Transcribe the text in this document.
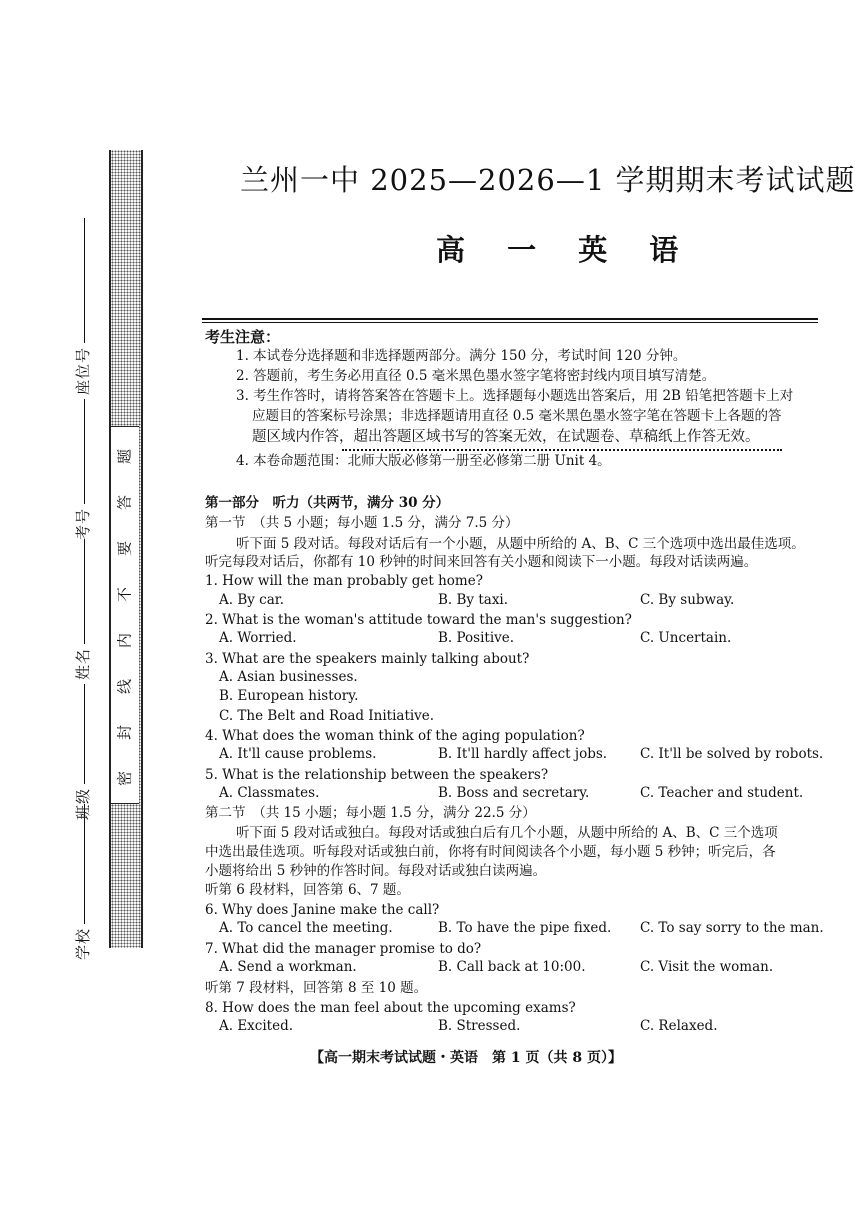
学校
班级
姓名
考号
座位号
题
答
要
不
内
线
封
密
兰州一中 2025—2026—1 学期期末考试试题
高 一 英 语
考生注意：
1. 本试卷分选择题和非选择题两部分。满分 150 分，考试时间 120 分钟。
2. 答题前，考生务必用直径 0.5 毫米黑色墨水签字笔将密封线内项目填写清楚。
3. 考生作答时，请将答案答在答题卡上。选择题每小题选出答案后，用 2B 铅笔把答题卡上对
应题目的答案标号涂黑；非选择题请用直径 0.5 毫米黑色墨水签字笔在答题卡上各题的答
题区域内作答，超出答题区域书写的答案无效，在试题卷、草稿纸上作答无效。
4. 本卷命题范围：北师大版必修第一册至必修第二册 Unit 4。
第一部分　听力（共两节，满分 30 分）
第一节　（共 5 小题；每小题 1.5 分，满分 7.5 分）
听下面 5 段对话。每段对话后有一个小题，从题中所给的 A、B、C 三个选项中选出最佳选项。
听完每段对话后，你都有 10 秒钟的时间来回答有关小题和阅读下一小题。每段对话读两遍。
1. How will the man probably get home?
A. By car.	B. By taxi.	C. By subway.
2. What is the woman's attitude toward the man's suggestion?
A. Worried.	B. Positive.	C. Uncertain.
3. What are the speakers mainly talking about?
A. Asian businesses.
B. European history.
C. The Belt and Road Initiative.
4. What does the woman think of the aging population?
A. It'll cause problems.	B. It'll hardly affect jobs. C. It'll be solved by robots.
5. What is the relationship between the speakers?
A. Classmates.	B. Boss and secretary.	C. Teacher and student.
第二节　（共 15 小题；每小题 1.5 分，满分 22.5 分）
听下面 5 段对话或独白。每段对话或独白后有几个小题，从题中所给的 A、B、C 三个选项
中选出最佳选项。听每段对话或独白前，你将有时间阅读各个小题，每小题 5 秒钟；听完后，各
小题将给出 5 秒钟的作答时间。每段对话或独白读两遍。
听第 6 段材料，回答第 6、7 题。
6. Why does Janine make the call?
A. To cancel the meeting.	B. To have the pipe fixed. C. To say sorry to the man.
7. What did the manager promise to do?
A. Send a workman.	B. Call back at 10:00.	C. Visit the woman.
听第 7 段材料，回答第 8 至 10 题。
8. How does the man feel about the upcoming exams?
A. Excited.	B. Stressed.	C. Relaxed.
【高一期末考试试题・英语　第 1 页（共 8 页）】
